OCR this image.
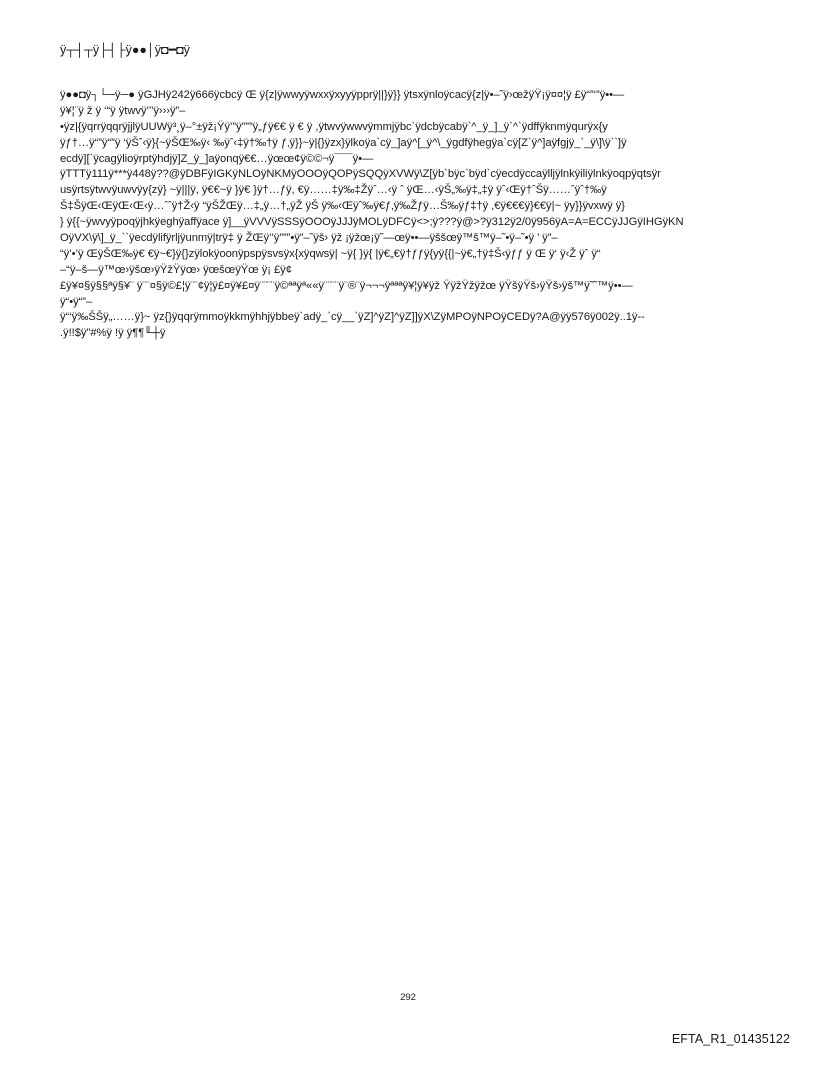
ÿ┬┤┬ÿ├┤├ÿ●●│ÿ◘━◘ÿ
ÿ●●◘ÿ┐└─ÿ─● ÿGJHÿ242ÿ666ÿcbcÿ Œ ÿ{z|ÿwwyÿwxxÿxyyÿpprÿ||}ÿ}} ÿtsxÿnloÿcacÿ{z|ÿ•–˜ÿ›œžÿŸ¡ÿ¤¤¦ÿ £ÿ“”‘”ÿ••—
ÿ¥¦¨ÿ ž ÿ ‘“ÿ ÿtwvÿ’’’ÿ›››ÿ”–
•ÿz|{ÿqrrÿqqrÿjjlÿUUWÿ³¸ÿ–°±ÿž¡Ÿÿ’”ÿ”””ÿ„ƒÿ€€ ÿ € ÿ ,ÿtwvÿwwvÿmmjÿbc`ÿdcbÿcabÿ`^_ÿ_]_ÿ`^`ÿdffÿknmÿqurÿx{y
ÿƒ†…ÿ“”ÿ“”ÿ ‘ÿŠˆ‹ÿ}{~ÿŠŒ‰ÿ‹ ‰ÿˆ‹‡ÿ†‰†ÿ ƒ‚ÿ}}~ÿ|{}ÿzx}ÿlkoÿa`cÿ_]aÿ^[_ÿ^\_ÿgdfÿhegÿa`cÿ[Z`ÿ^]aÿfgjÿ_`_ÿ\]\ÿ``]ÿ
ecdÿ][`ÿcagÿlioÿrptÿhdjÿ]Z_ÿ_]aÿonqÿ€€…ÿœœ¢ÿ©©¬ÿ¯¯¯ÿ•—
ÿTTTÿ111ÿ***ÿ448ÿ??@ÿDBFÿIGKÿNLOÿNKMÿOOOÿQOPÿSQQÿXVWÿ\Z[ÿb`bÿc`bÿd`cÿecdÿccaÿlljÿlnkÿiliÿlnkÿoqpÿqtsÿr
usÿrtsÿtwvÿuwvÿy{zÿ} ~ÿ|||ÿ, ÿ€€~ÿ }ÿ€ }ÿ†…ƒÿ, €ÿ……‡ÿ‰‡Žÿˆ…‹ÿ ˆ ÿŒ…‹ÿŠ„‰ÿ‡„‡ÿ ÿˆ‹Œÿ†ˆŠÿ……ˆÿˆ†‰ÿ
Š‡ŠÿŒ‹ŒÿŒ‹Œ‹ÿ…ˆˆÿ†Ž‹ÿ “ÿŠŽŒÿ…‡„ÿ…†„ÿŽ ÿŠ ÿ‰‹Œÿˆ‰ÿ€ƒ‚ÿ‰Žƒÿ…Š‰ÿƒ‡†ÿ ,€ÿ€€€ÿ}€€ÿ|~ ÿy}}ÿvxwÿ ÿ}
} ÿ{{~ÿwvyÿpoqÿjhkÿeghÿaffÿace ÿ]__ÿVVVÿSSSÿOOOÿJJJÿMOLÿDFCÿ<>;ÿ???ÿ@>?ÿ312ÿ2/0ÿ956ÿA=A=ECCÿJJGÿIHGÿKN
OÿVX\ÿ\]_ÿ_``ÿecdÿlifÿrljÿunmÿ|trÿ‡ ÿ ŽŒÿ’’ÿ”””•ÿ”–˜ÿš› ÿž ¡ÿžœ¡ÿ˜—œÿ••—ÿššœÿ™š™ÿ–˜•ÿ–˜•ÿ ’ ÿ”–
“ÿ’•’ÿ ŒÿŠŒ‰ÿ€ €ÿ~€}ÿ{}zÿlokÿoonÿpspÿsvsÿx{xÿqwsÿ| ~ÿ{ }ÿ{ |ÿ€„€ÿ†ƒƒÿ{yÿ{{|~ÿ€„†ÿ‡Š‹ÿƒƒ ÿ Œ ÿ‘ ÿ‹Ž ÿˆ ÿ“
–“ÿ–š—ÿ™œ›ÿšœ›ÿŸžŸÿœ› ÿœšœÿŸœ ÿ¡ £ÿ¢
£ÿ¥¤§ÿ§§ªÿ§¥¨ ÿ¨¨¤§ÿ©£¦ÿ¨¨¢ÿ¦ÿ£¤ÿ¥£¤ÿ¨¨¨¨ÿ©ªªÿª««ÿ¨¨¨¨ÿ¨®¨ÿ¬¬¬ÿªªªÿ¥¦ÿ¥ÿž ŸÿžŸžÿžœ ÿŸšÿŸš›ÿŸš›ÿš™ÿ˜˜™ÿ••—
ÿ“•ÿ“”–
ÿ“‘ÿ‰ŠŠÿ„……ÿ}~ ÿz{}ÿqqrÿmmoÿkkmÿhhjÿbbeÿ`adÿ_`cÿ__`ÿZ]^ÿZ]^ÿZ]]ÿX\ZÿMPOÿNPOÿCEDÿ?A@ÿÿ576ÿ002ÿ..1ÿ--
.ÿ!!$ÿ"#%ÿ !ÿ ÿ¶¶╙┼ÿ
292
EFTA_R1_01435122
